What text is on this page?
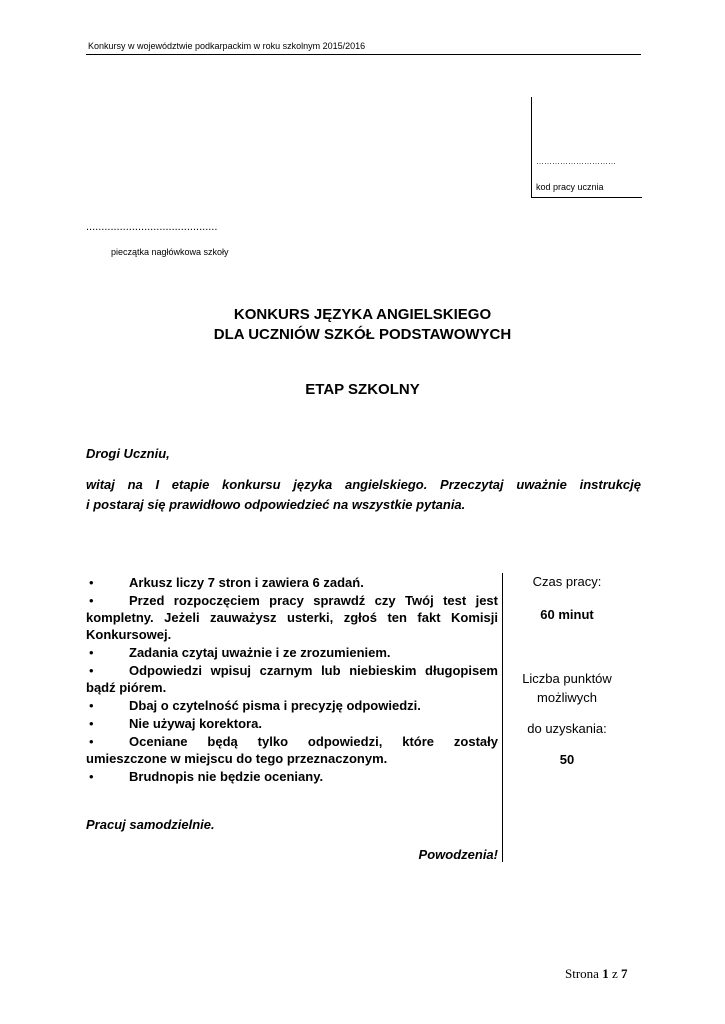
Konkursy w województwie podkarpackim w roku szkolnym 2015/2016
…………………………
kod pracy ucznia
...........................................
pieczątka nagłówkowa szkoły
KONKURS JĘZYKA ANGIELSKIEGO
DLA UCZNIÓW SZKÓŁ PODSTAWOWYCH
ETAP SZKOLNY
Drogi Uczniu,
witaj na I etapie konkursu języka angielskiego. Przeczytaj uważnie instrukcję
i postaraj się prawidłowo odpowiedzieć na wszystkie pytania.
•	Arkusz liczy 7 stron i zawiera 6 zadań.
•	Przed rozpoczęciem pracy sprawdź czy Twój test jest kompletny. Jeżeli zauważysz usterki, zgłoś ten fakt Komisji Konkursowej.
•	Zadania czytaj uważnie i ze zrozumieniem.
•	Odpowiedzi wpisuj czarnym lub niebieskim długopisem bądź piórem.
•	Dbaj o czytelność pisma i precyzję odpowiedzi.
•	Nie używaj korektora.
•	Oceniane będą tylko odpowiedzi, które zostały umieszczone w miejscu do tego przeznaczonym.
•	Brudnopis nie będzie oceniany.
Czas pracy:
60 minut
Liczba punktów możliwych
do uzyskania:
50
Pracuj samodzielnie.
Powodzenia!
Strona 1 z 7
